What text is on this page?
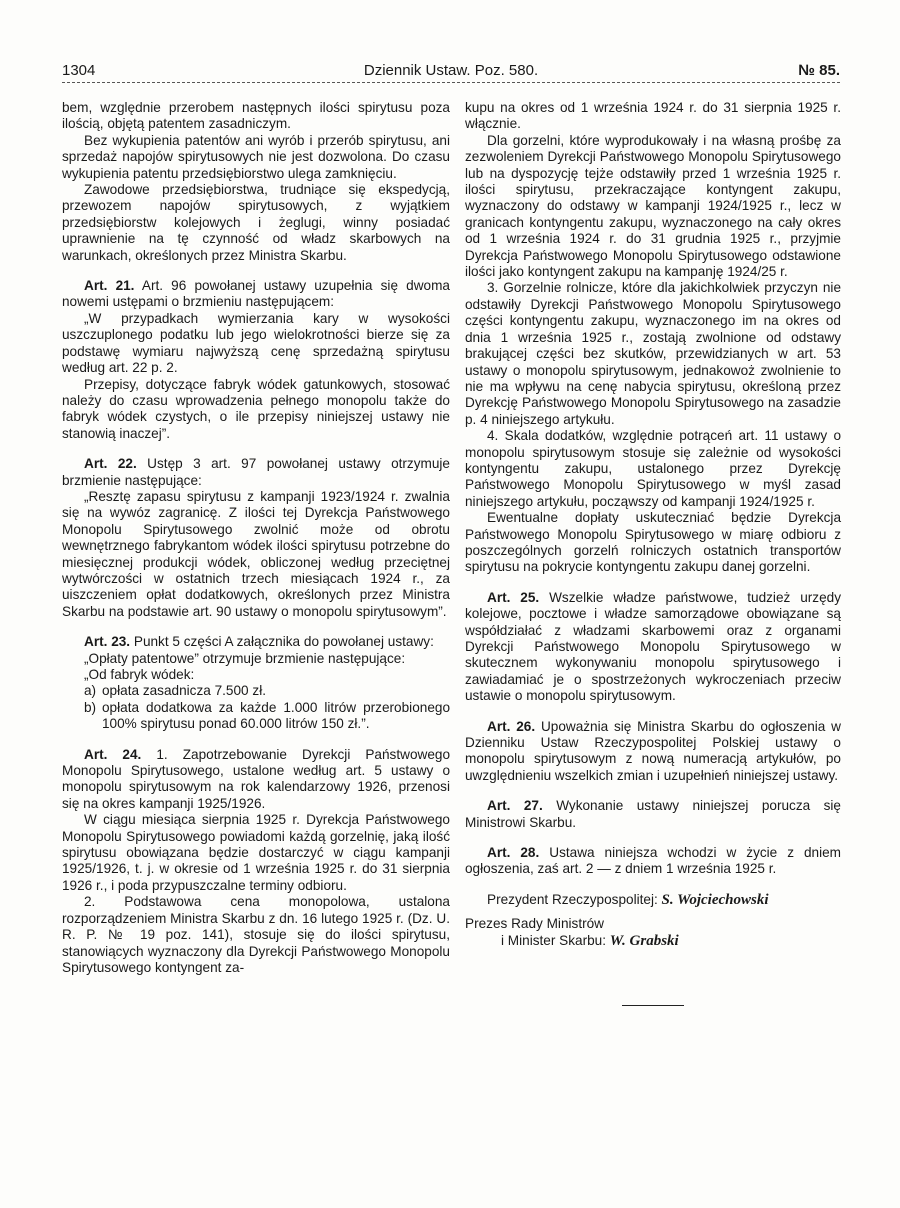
Dziennik Ustaw. Poz. 580.
1304	№ 85.

bem, względnie przerobem następnych ilości spirytusu poza ilością, objętą patentem zasadniczym.

Bez wykupienia patentów ani wyrób i przerób spirytusu, ani sprzedaż napojów spirytusowych nie jest dozwolona. Do czasu wykupienia patentu przedsiębiorstwo ulega zamknięciu.

Zawodowe przedsiębiorstwa, trudniące się ekspedycją, przewozem napojów spirytusowych, z wyjątkiem przedsiębiorstw kolejowych i żeglugi, winny posiadać uprawnienie na tę czynność od władz skarbowych na warunkach, określonych przez Ministra Skarbu.

Art. 21. Art. 96 powołanej ustawy uzupełnia się dwoma nowemi ustępami o brzmieniu następującem:

„W przypadkach wymierzania kary w wysokości uszczuplonego podatku lub jego wielokrotności bierze się za podstawę wymiaru najwyższą cenę sprzedażną spirytusu według art. 22 p. 2.

Przepisy, dotyczące fabryk wódek gatunkowych, stosować należy do czasu wprowadzenia pełnego monopolu także do fabryk wódek czystych, o ile przepisy niniejszej ustawy nie stanowią inaczej”.

Art. 22. Ustęp 3 art. 97 powołanej ustawy otrzymuje brzmienie następujące:

„Resztę zapasu spirytusu z kampanji 1923/1924 r. zwalnia się na wywóz zagranicę. Z ilości tej Dyrekcja Państwowego Monopolu Spirytusowego zwolnić może od obrotu wewnętrznego fabrykantom wódek ilości spirytusu potrzebne do miesięcznej produkcji wódek, obliczonej według przeciętnej wytwórczości w ostatnich trzech miesiącach 1924 r., za uiszczeniem opłat dodatkowych, określonych przez Ministra Skarbu na podstawie art. 90 ustawy o monopolu spirytusowym”.

Art. 23. Punkt 5 części A załącznika do powołanej ustawy:

„Opłaty patentowe” otrzymuje brzmienie następujące:

„Od fabryk wódek:

a) opłata zasadnicza 7.500 zł.
b) opłata dodatkowa za każde 1.000 litrów przerobionego 100% spirytusu ponad 60.000 litrów 150 zł.”.

Art. 24. 1. Zapotrzebowanie Dyrekcji Państwowego Monopolu Spirytusowego, ustalone według art. 5 ustawy o monopolu spirytusowym na rok kalendarzowy 1926, przenosi się na okres kampanji 1925/1926.

W ciągu miesiąca sierpnia 1925 r. Dyrekcja Państwowego Monopolu Spirytusowego powiadomi każdą gorzelnię, jaką ilość spirytusu obowiązana będzie dostarczyć w ciągu kampanji 1925/1926, t. j. w okresie od 1 września 1925 r. do 31 sierpnia 1926 r., i poda przypuszczalne terminy odbioru.

2. Podstawowa cena monopolowa, ustalona rozporządzeniem Ministra Skarbu z dn. 16 lutego 1925 r. (Dz. U. R. P. № 19 poz. 141), stosuje się do ilości spirytusu, stanowiących wyznaczony dla Dyrekcji Państwowego Monopolu Spirytusowego kontyngent za-

kupu na okres od 1 września 1924 r. do 31 sierpnia 1925 r. włącznie.

Dla gorzelni, które wyprodukowały i na własną prośbę za zezwoleniem Dyrekcji Państwowego Monopolu Spirytusowego lub na dyspozycję tejże odstawiły przed 1 września 1925 r. ilości spirytusu, przekraczające kontyngent zakupu, wyznaczony do odstawy w kampanji 1924/1925 r., lecz w granicach kontyngentu zakupu, wyznaczonego na cały okres od 1 września 1924 r. do 31 grudnia 1925 r., przyjmie Dyrekcja Państwowego Monopolu Spirytusowego odstawione ilości jako kontyngent zakupu na kampanję 1924/25 r.

3. Gorzelnie rolnicze, które dla jakichkolwiek przyczyn nie odstawiły Dyrekcji Państwowego Monopolu Spirytusowego części kontyngentu zakupu, wyznaczonego im na okres od dnia 1 września 1925 r., zostają zwolnione od odstawy brakującej części bez skutków, przewidzianych w art. 53 ustawy o monopolu spirytusowym, jednakowoż zwolnienie to nie ma wpływu na cenę nabycia spirytusu, określoną przez Dyrekcję Państwowego Monopolu Spirytusowego na zasadzie p. 4 niniejszego artykułu.

4. Skala dodatków, względnie potrąceń art. 11 ustawy o monopolu spirytusowym stosuje się zależnie od wysokości kontyngentu zakupu, ustalonego przez Dyrekcję Państwowego Monopolu Spirytusowego w myśl zasad niniejszego artykułu, począwszy od kampanji 1924/1925 r.

Ewentualne dopłaty uskuteczniać będzie Dyrekcja Państwowego Monopolu Spirytusowego w miarę odbioru z poszczególnych gorzelń rolniczych ostatnich transportów spirytusu na pokrycie kontyngentu zakupu danej gorzelni.

Art. 25. Wszelkie władze państwowe, tudzież urzędy kolejowe, pocztowe i władze samorządowe obowiązane są współdziałać z władzami skarbowemi oraz z organami Dyrekcji Państwowego Monopolu Spirytusowego w skutecznem wykonywaniu monopolu spirytusowego i zawiadamiać je o spostrzeżonych wykroczeniach przeciw ustawie o monopolu spirytusowym.

Art. 26. Upoważnia się Ministra Skarbu do ogłoszenia w Dzienniku Ustaw Rzeczypospolitej Polskiej ustawy o monopolu spirytusowym z nową numeracją artykułów, po uwzględnieniu wszelkich zmian i uzupełnień niniejszej ustawy.

Art. 27. Wykonanie ustawy niniejszej porucza się Ministrowi Skarbu.

Art. 28. Ustawa niniejsza wchodzi w życie z dniem ogłoszenia, zaś art. 2 — z dniem 1 września 1925 r.

Prezydent Rzeczypospolitej: S. Wojciechowski

Prezes Rady Ministrów

i Minister Skarbu: W. Grabski
